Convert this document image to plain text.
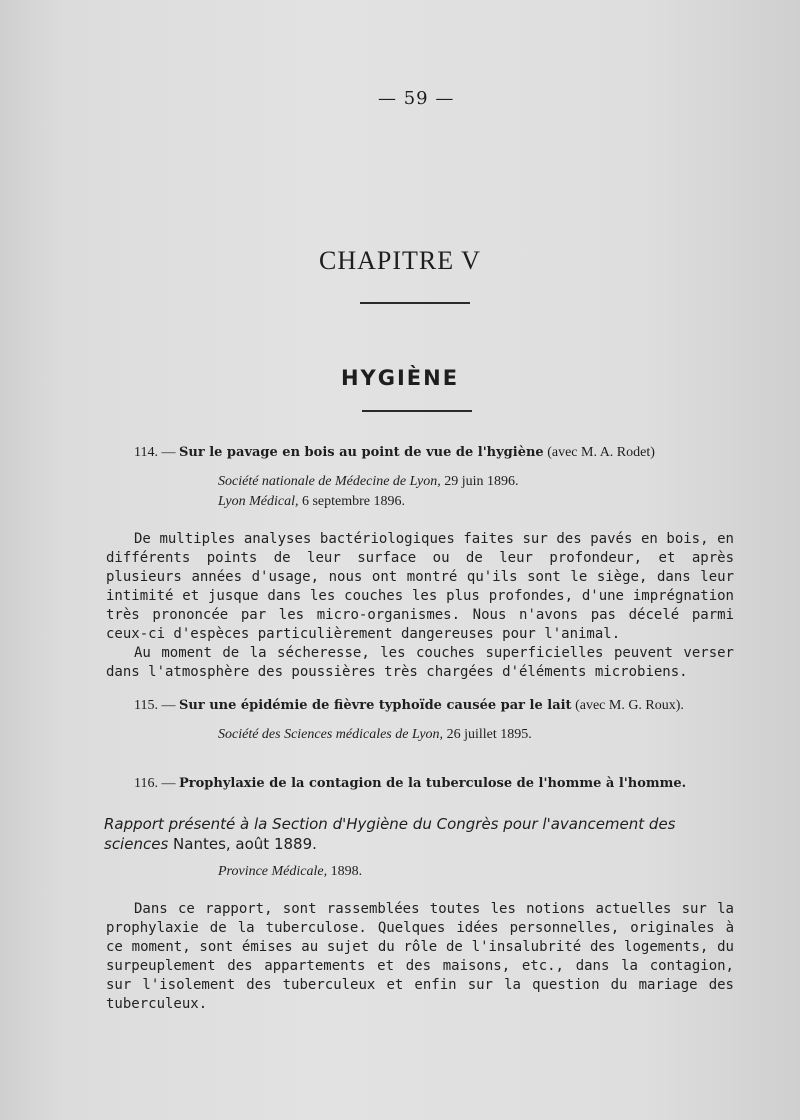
— 59 —
CHAPITRE V
HYGIÈNE
114. — Sur le pavage en bois au point de vue de l'hygiène (avec M. A. Rodet)
Société nationale de Médecine de Lyon, 29 juin 1896.
Lyon Médical, 6 septembre 1896.

De multiples analyses bactériologiques faites sur des pavés en bois, en différents points de leur surface ou de leur profondeur, et après plusieurs années d'usage, nous ont montré qu'ils sont le siège, dans leur intimité et jusque dans les couches les plus profondes, d'une imprégnation très prononcée par les micro-organismes. Nous n'avons pas décelé parmi ceux-ci d'espèces particulièrement dangereuses pour l'animal.

Au moment de la sécheresse, les couches superficielles peuvent verser dans l'atmosphère des poussières très chargées d'éléments microbiens.

115. — Sur une épidémie de fièvre typhoïde causée par le lait (avec M. G. Roux).
Société des Sciences médicales de Lyon, 26 juillet 1895.
116. — Prophylaxie de la contagion de la tuberculose de l'homme à l'homme.
Rapport présenté à la Section d'Hygiène du Congrès pour l'avancement des sciences Nantes, août 1889.
Province Médicale, 1898.

Dans ce rapport, sont rassemblées toutes les notions actuelles sur la prophylaxie de la tuberculose. Quelques idées personnelles, originales à ce moment, sont émises au sujet du rôle de l'insalubrité des logements, du surpeuplement des appartements et des maisons, etc., dans la contagion, sur l'isolement des tuberculeux et enfin sur la question du mariage des tuberculeux.
